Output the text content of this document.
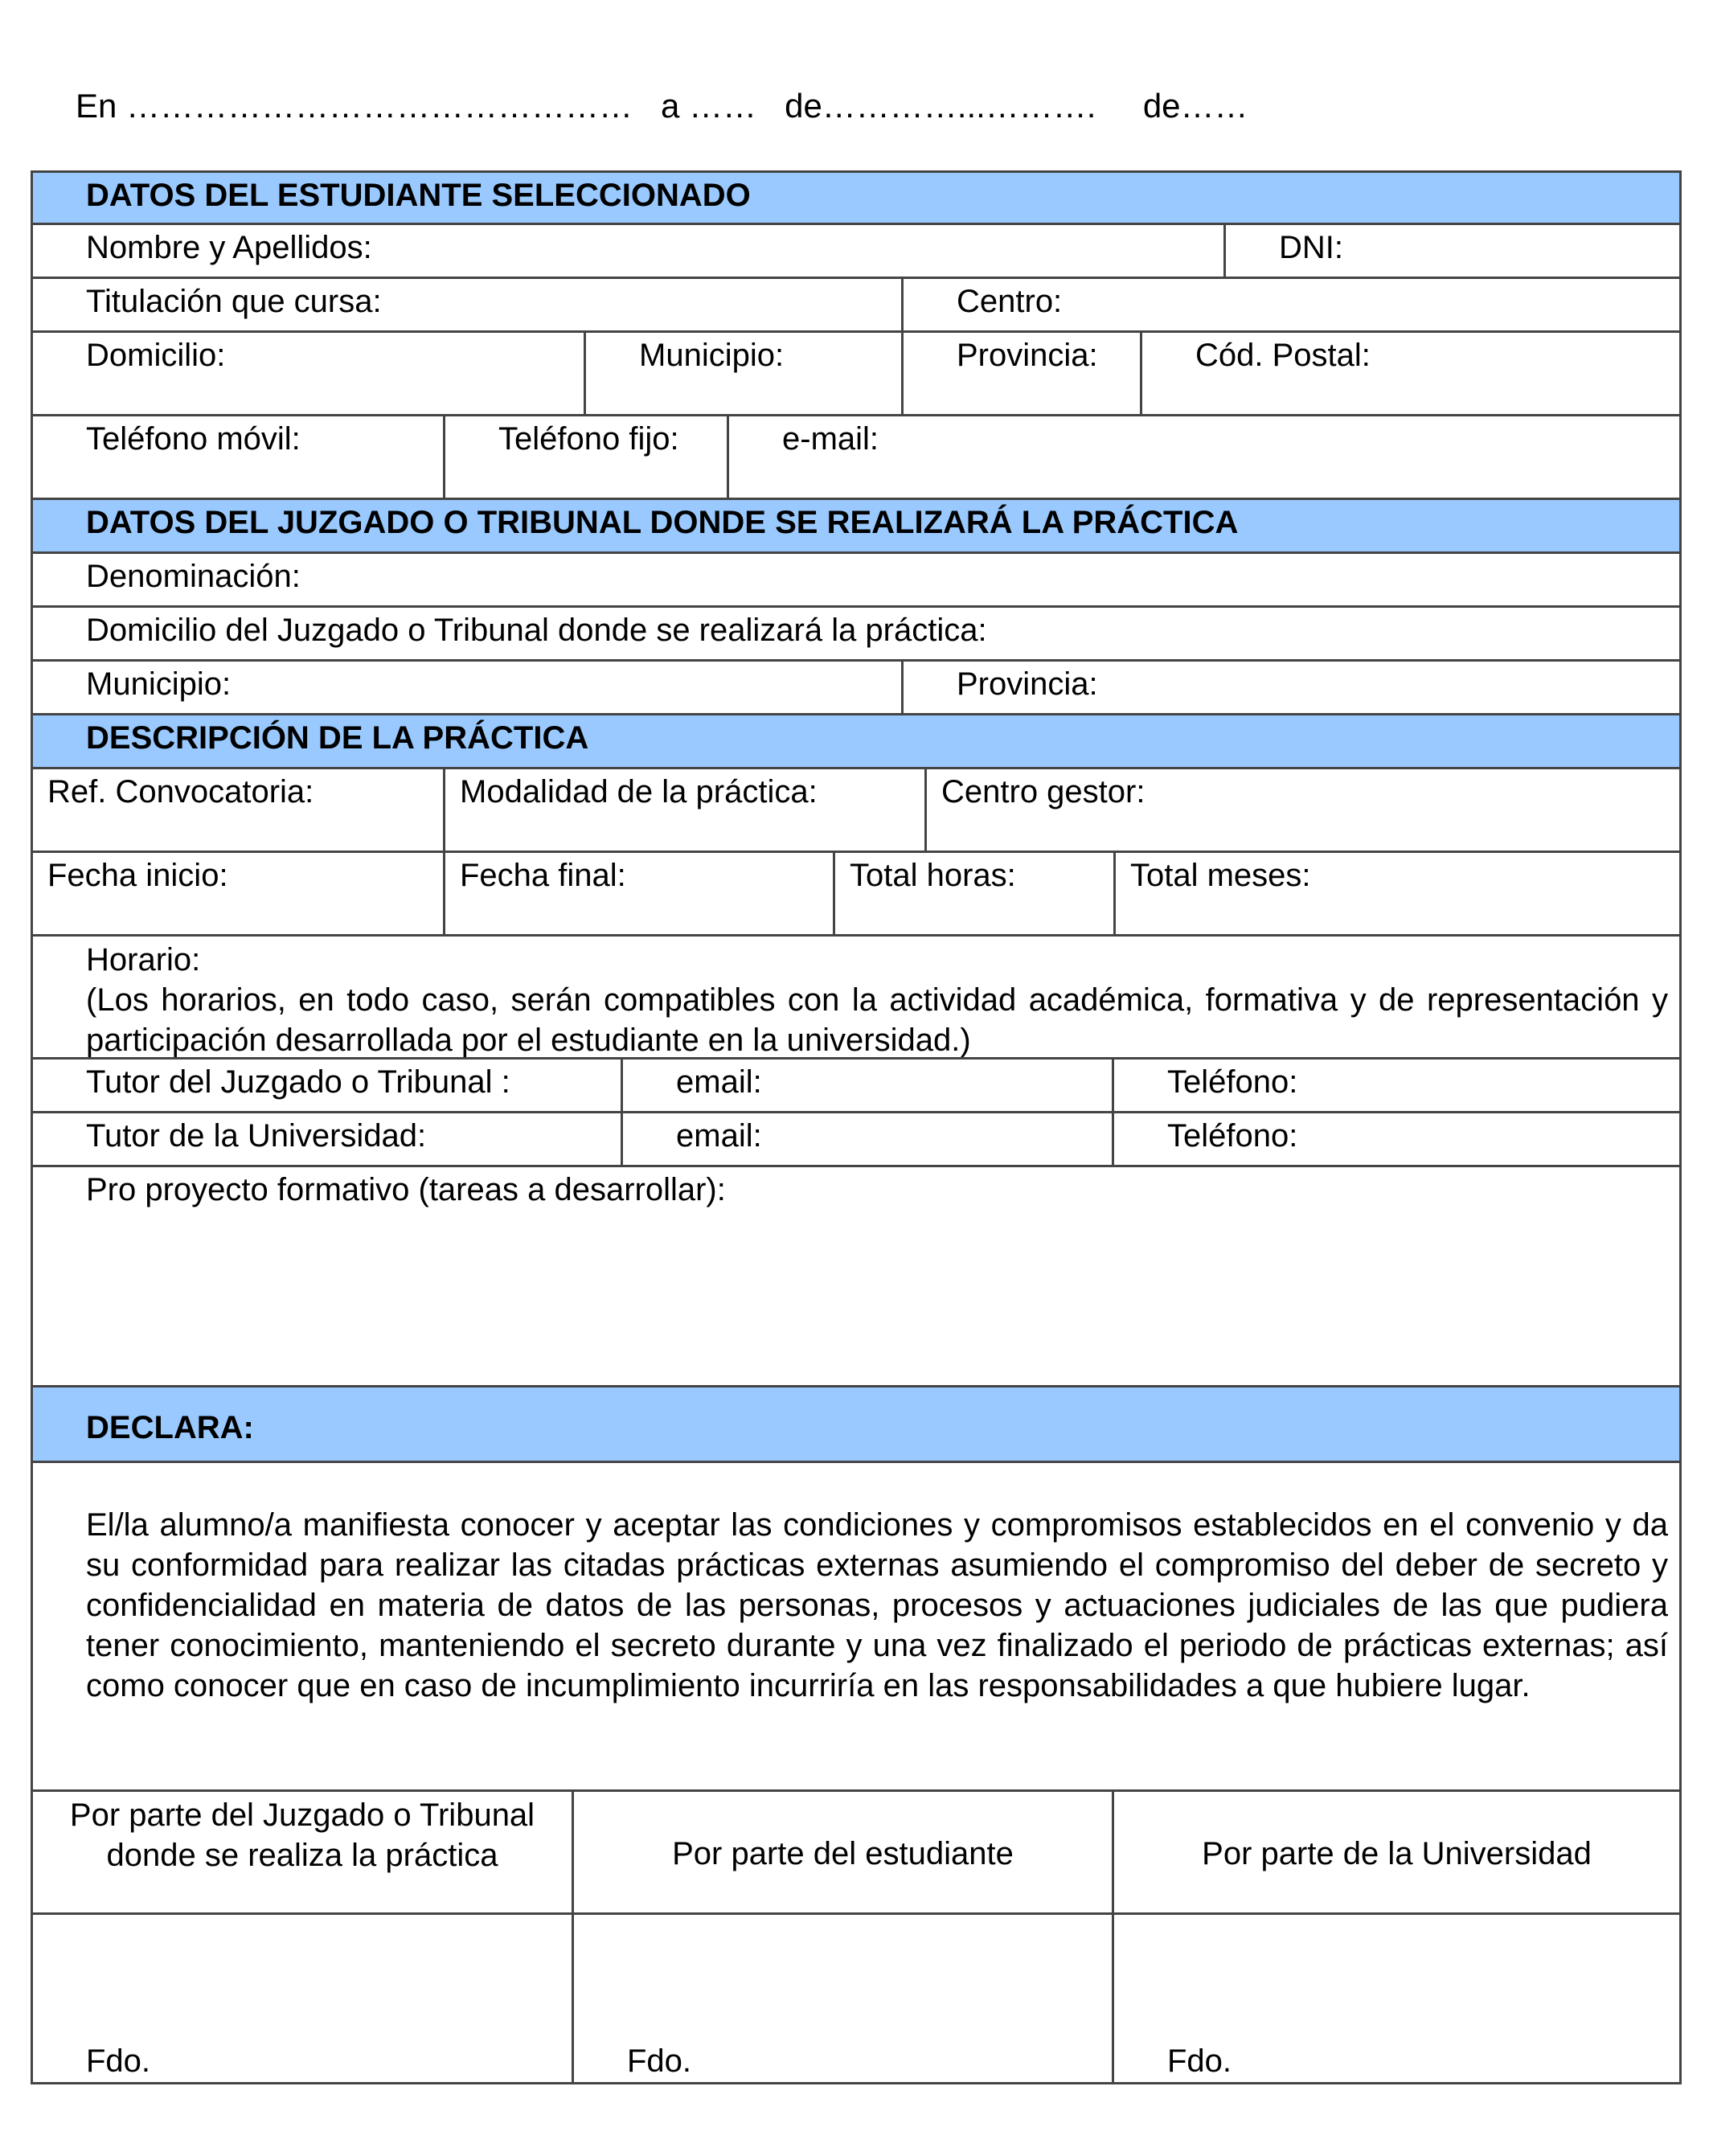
En ………………………………………   a ……   de…………...……….     de……
DATOS DEL ESTUDIANTE SELECCIONADO
Nombre y Apellidos:	DNI:
Titulación que cursa:	Centro:
Domicilio:	Municipio:	Provincia:	Cód. Postal:
Teléfono móvil:	Teléfono fijo:	e-mail:
DATOS DEL JUZGADO O TRIBUNAL DONDE SE REALIZARÁ LA PRÁCTICA
Denominación:
Domicilio del Juzgado o Tribunal donde se realizará la práctica:
Municipio:	Provincia:
DESCRIPCIÓN DE LA PRÁCTICA
Ref. Convocatoria:	Modalidad de la práctica:	Centro gestor:
Fecha inicio:	Fecha final:	Total horas:	Total meses:
Horario:
(Los horarios, en todo caso, serán compatibles con la actividad académica, formativa y de representación y participación desarrollada por el estudiante en la universidad.)
Tutor del Juzgado o Tribunal :	email:	Teléfono:
Tutor de la Universidad:	email:	Teléfono:
Pro proyecto formativo (tareas a desarrollar):
DECLARA:
El/la alumno/a manifiesta conocer y aceptar las condiciones y compromisos establecidos en el convenio y da su conformidad para realizar las citadas prácticas externas asumiendo el compromiso del deber de secreto y confidencialidad en materia de datos de las personas, procesos y actuaciones judiciales de las que pudiera tener conocimiento, manteniendo el secreto durante y una vez finalizado el periodo de prácticas externas; así como conocer que en caso de incumplimiento incurriría en las responsabilidades a que hubiere lugar.
Por parte del Juzgado o Tribunal donde se realiza la práctica	Por parte del estudiante	Por parte de la Universidad
Fdo.	Fdo.	Fdo.
